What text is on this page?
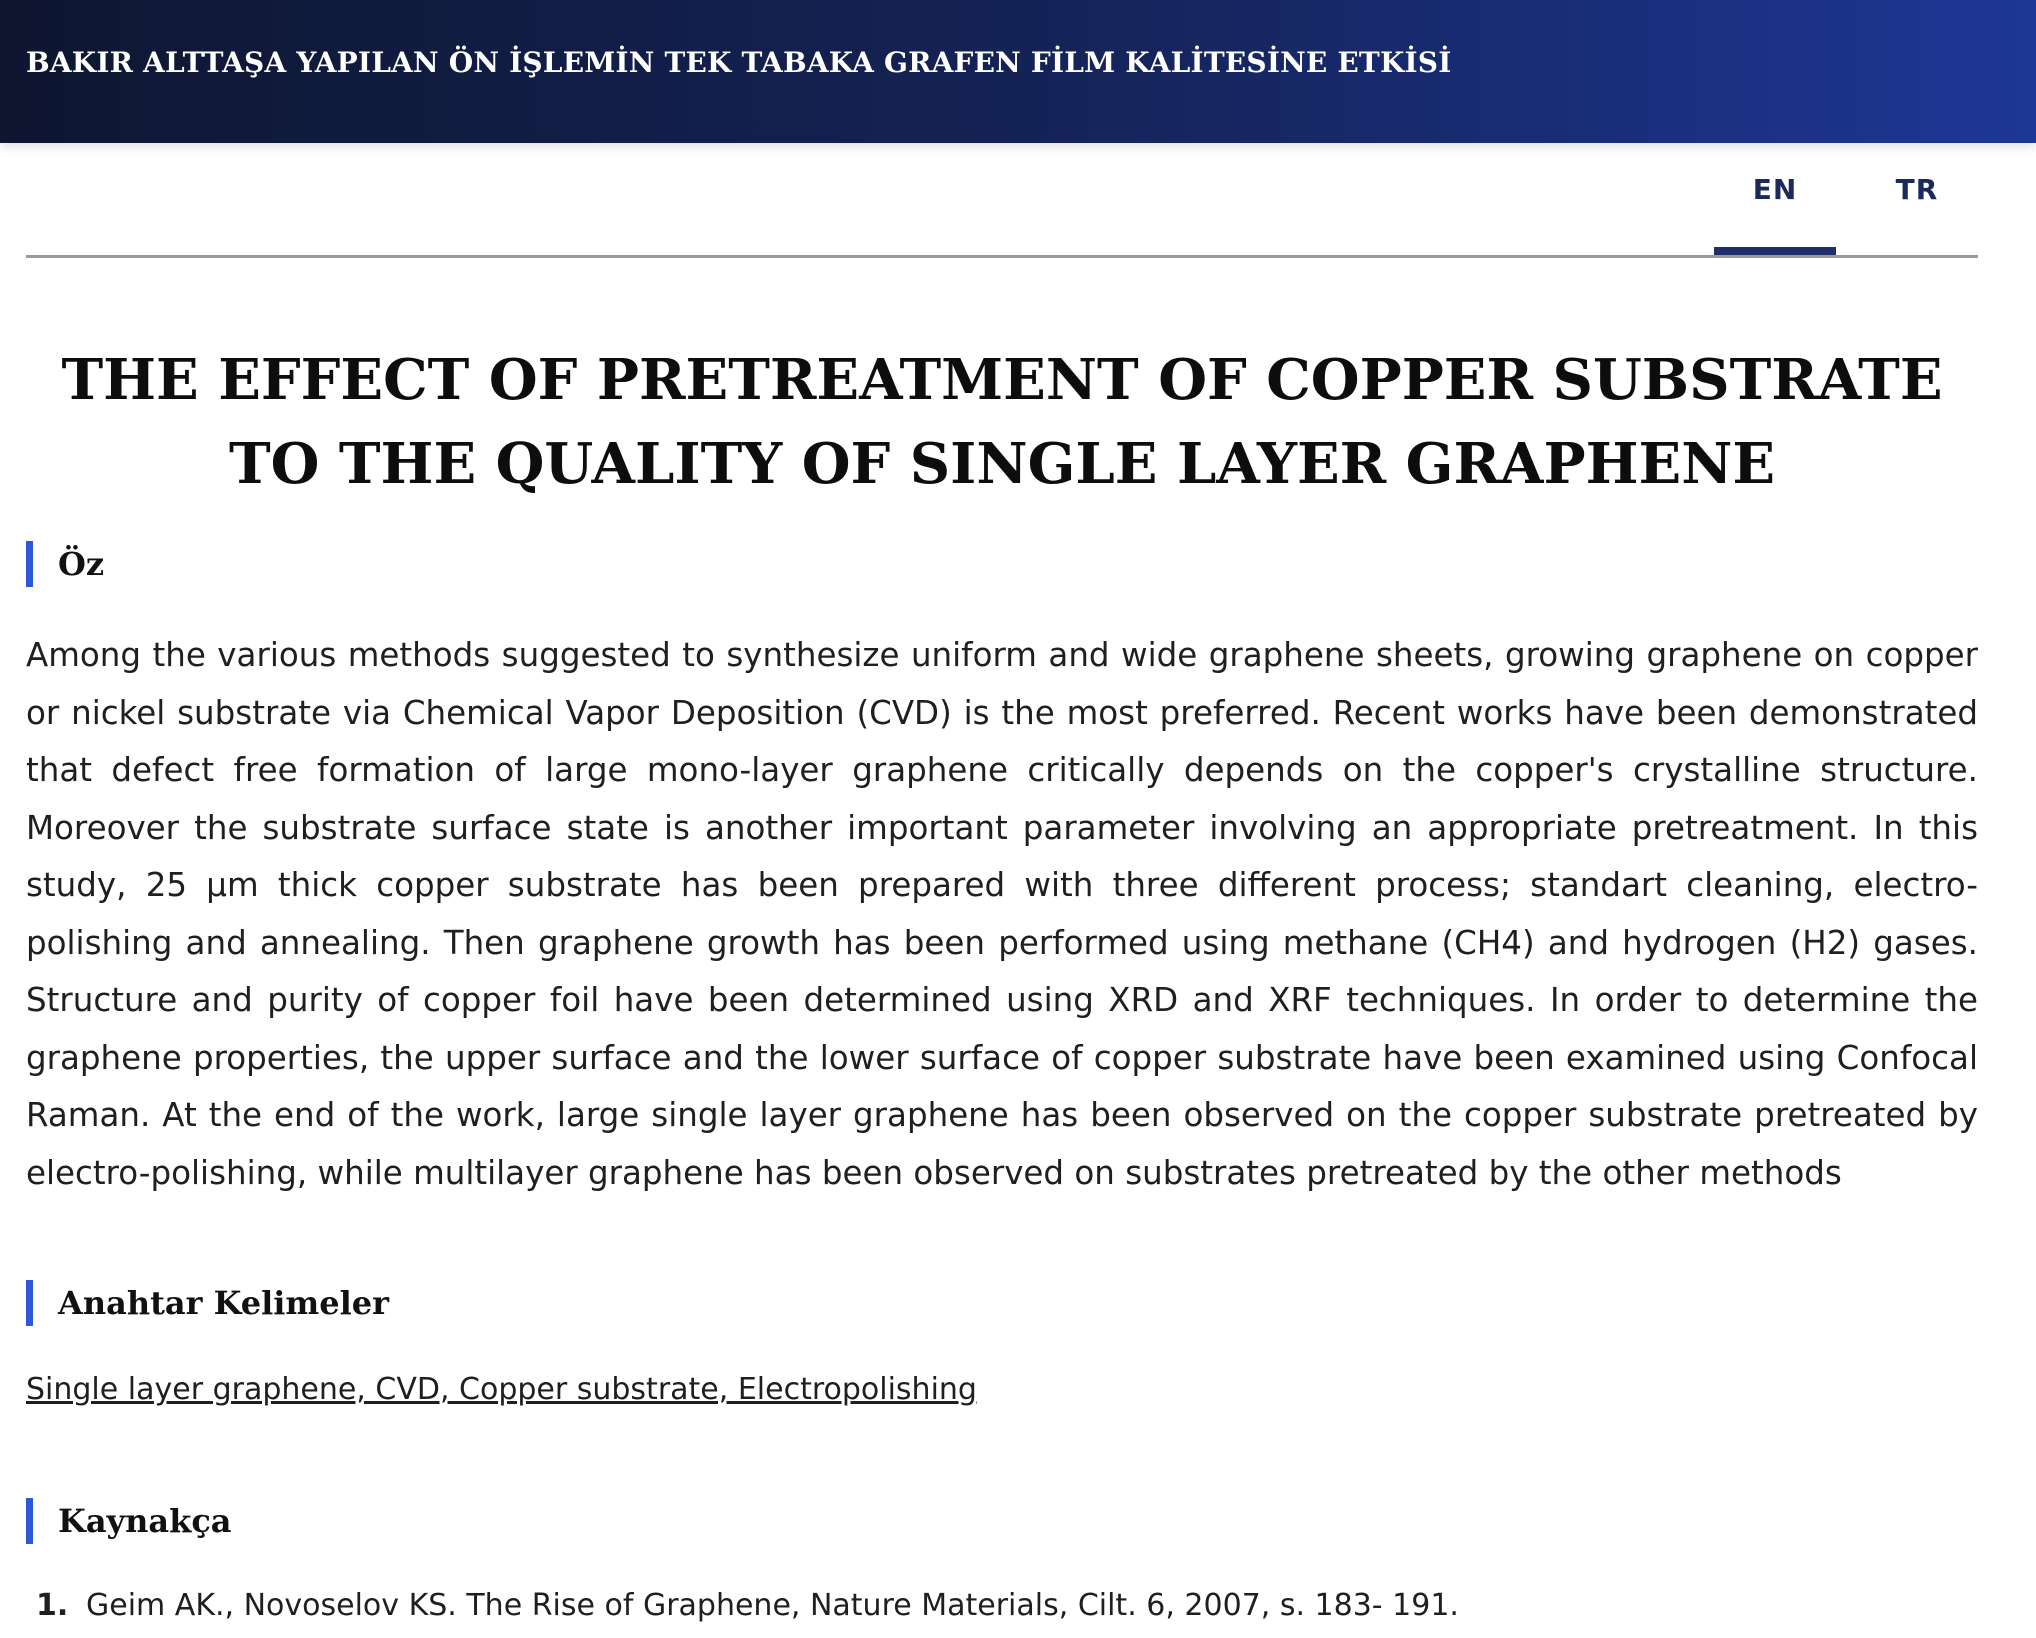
BAKIR ALTTAŞA YAPILAN ÖN İŞLEMİN TEK TABAKA GRAFEN FİLM KALİTESİNE ETKİSİ
EN	TR
THE EFFECT OF PRETREATMENT OF COPPER SUBSTRATE TO THE QUALITY OF SINGLE LAYER GRAPHENE
Öz
Among the various methods suggested to synthesize uniform and wide graphene sheets, growing graphene on copper or nickel substrate via Chemical Vapor Deposition (CVD) is the most preferred. Recent works have been demonstrated that defect free formation of large mono-layer graphene critically depends on the copper's crystalline structure. Moreover the substrate surface state is another important parameter involving an appropriate pretreatment. In this study, 25 μm thick copper substrate has been prepared with three different process; standart cleaning, electro-polishing and annealing. Then graphene growth has been performed using methane (CH4) and hydrogen (H2) gases. Structure and purity of copper foil have been determined using XRD and XRF techniques. In order to determine the graphene properties, the upper surface and the lower surface of copper substrate have been examined using Confocal Raman. At the end of the work, large single layer graphene has been observed on the copper substrate pretreated by electro-polishing, while multilayer graphene has been observed on substrates pretreated by the other methods
Anahtar Kelimeler
Single layer graphene, CVD, Copper substrate, Electropolishing
Kaynakça
1. Geim AK., Novoselov KS. The Rise of Graphene, Nature Materials, Cilt. 6, 2007, s. 183- 191.
